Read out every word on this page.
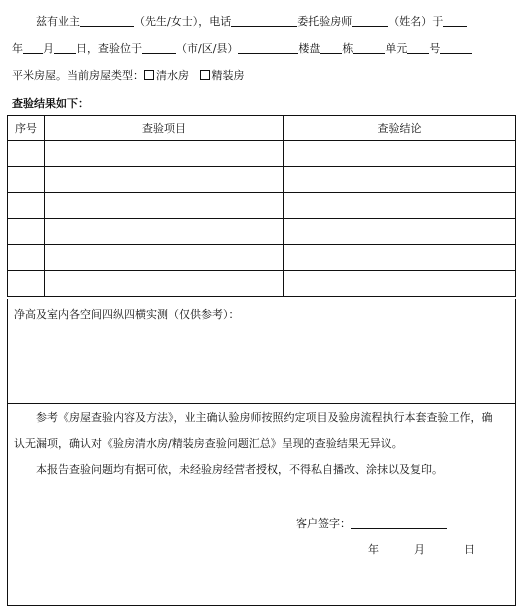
兹有业主	（先生/女士），电话	委托验房师	（姓名）于
年 月 日，查验位于	（市/区/县）	楼盘 栋	单元 号
平米房屋。当前房屋类型： 清水房 精装房
查验结果如下：
序号	查验项目	查验结论

净高及室内各空间四纵四横实测（仅供参考）：

参考《房屋查验内容及方法》，业主确认验房师按照约定项目及验房流程执行本套查验工作，确

认无漏项，确认对《验房清水房/精装房查验问题汇总》呈现的查验结果无异议。

本报告查验问题均有据可依，未经验房经营者授权，不得私自播改、涂抹以及复印。

客户签字：

年	月	日
